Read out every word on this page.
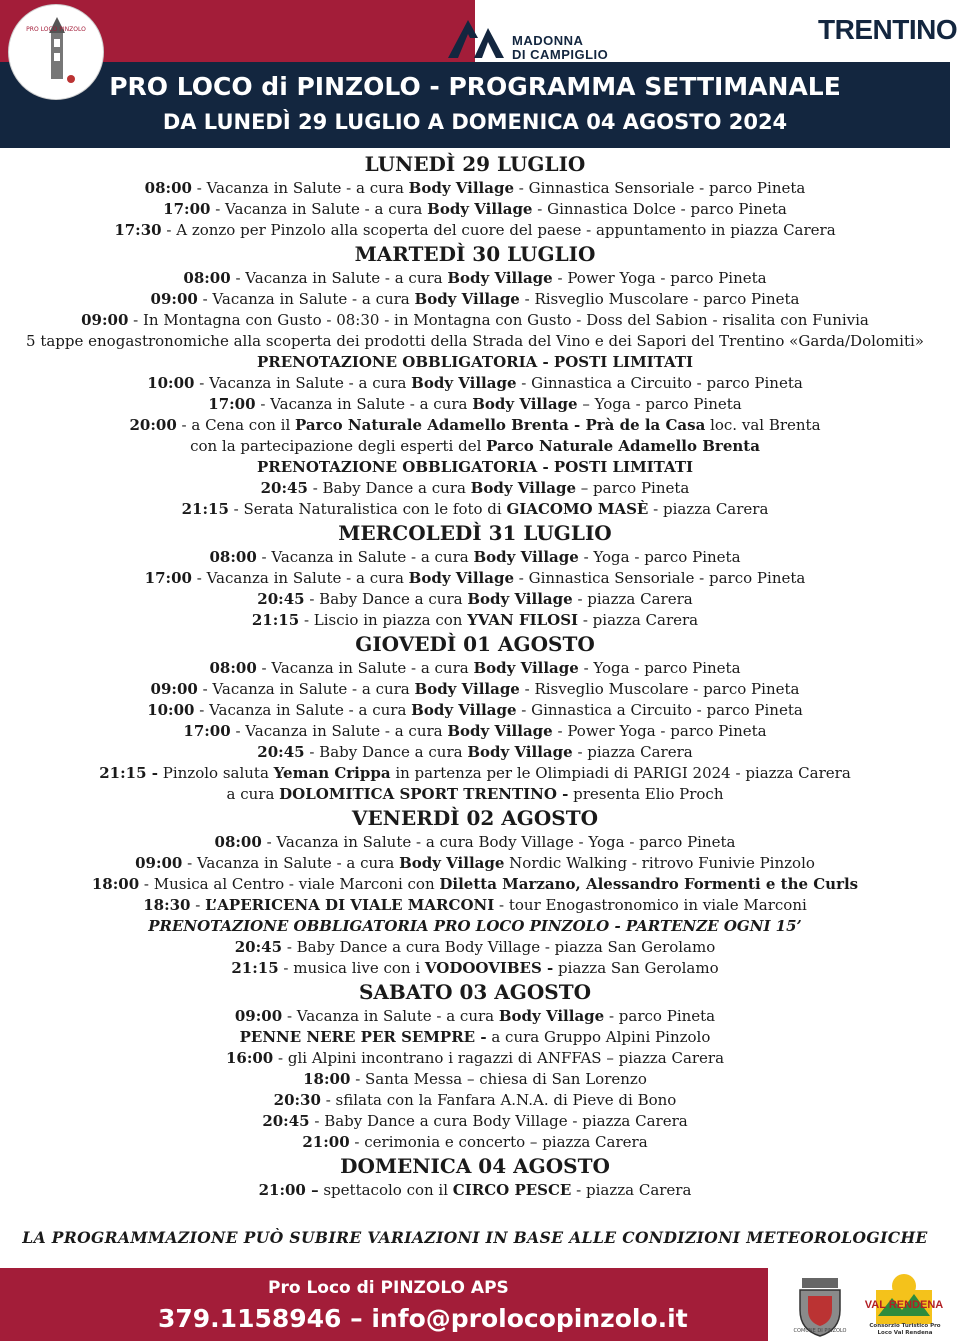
PRO LOCO PINZOLO
MADONNA
DI CAMPIGLIO
TRENTINO
PRO LOCO di PINZOLO - PROGRAMMA SETTIMANALE
DA LUNEDÌ 29 LUGLIO A DOMENICA 04 AGOSTO 2024
LUNEDÌ 29 LUGLIO
08:00 - Vacanza in Salute - a cura Body Village - Ginnastica Sensoriale - parco Pineta
17:00 - Vacanza in Salute - a cura Body Village - Ginnastica Dolce - parco Pineta
17:30 - A zonzo per Pinzolo alla scoperta del cuore del paese - appuntamento in piazza Carera
MARTEDÌ 30 LUGLIO
08:00 - Vacanza in Salute - a cura Body Village - Power Yoga - parco Pineta
09:00 - Vacanza in Salute - a cura Body Village - Risveglio Muscolare - parco Pineta
09:00 - In Montagna con Gusto - 08:30 - in Montagna con Gusto - Doss del Sabion - risalita con Funivia
5 tappe enogastronomiche alla scoperta dei prodotti della Strada del Vino e dei Sapori del Trentino «Garda/Dolomiti»
PRENOTAZIONE OBBLIGATORIA - POSTI LIMITATI
10:00 - Vacanza in Salute - a cura Body Village - Ginnastica a Circuito - parco Pineta
17:00 - Vacanza in Salute - a cura Body Village – Yoga - parco Pineta
20:00 - a Cena con il Parco Naturale Adamello Brenta - Prà de la Casa loc. val Brenta
con la partecipazione degli esperti del Parco Naturale Adamello Brenta
PRENOTAZIONE OBBLIGATORIA - POSTI LIMITATI
20:45 - Baby Dance a cura Body Village – parco Pineta
21:15 - Serata Naturalistica con le foto di GIACOMO MASÈ - piazza Carera
MERCOLEDÌ 31 LUGLIO
08:00 - Vacanza in Salute - a cura Body Village - Yoga - parco Pineta
17:00 - Vacanza in Salute - a cura Body Village - Ginnastica Sensoriale - parco Pineta
20:45 - Baby Dance a cura Body Village - piazza Carera
21:15 - Liscio in piazza con YVAN FILOSI - piazza Carera
GIOVEDÌ 01 AGOSTO
08:00 - Vacanza in Salute - a cura Body Village - Yoga - parco Pineta
09:00 - Vacanza in Salute - a cura Body Village - Risveglio Muscolare - parco Pineta
10:00 - Vacanza in Salute - a cura Body Village - Ginnastica a Circuito - parco Pineta
17:00 - Vacanza in Salute - a cura Body Village - Power Yoga - parco Pineta
20:45 - Baby Dance a cura Body Village - piazza Carera
21:15 - Pinzolo saluta Yeman Crippa in partenza per le Olimpiadi di PARIGI 2024 - piazza Carera
a cura DOLOMITICA SPORT TRENTINO - presenta Elio Proch
VENERDÌ 02 AGOSTO
08:00 - Vacanza in Salute - a cura Body Village - Yoga - parco Pineta
09:00 - Vacanza in Salute - a cura Body Village Nordic Walking - ritrovo Funivie Pinzolo
18:00 - Musica al Centro - viale Marconi con Diletta Marzano, Alessandro Formenti e the Curls
18:30 - L’APERICENA DI VIALE MARCONI - tour Enogastronomico in viale Marconi
PRENOTAZIONE OBBLIGATORIA PRO LOCO PINZOLO - PARTENZE OGNI 15’
20:45 - Baby Dance a cura Body Village - piazza San Gerolamo
21:15 - musica live con i VODOOVIBES - piazza San Gerolamo
SABATO 03 AGOSTO
09:00 - Vacanza in Salute - a cura Body Village - parco Pineta
PENNE NERE PER SEMPRE - a cura Gruppo Alpini Pinzolo
16:00 - gli Alpini incontrano i ragazzi di ANFFAS – piazza Carera
18:00 - Santa Messa – chiesa di San Lorenzo
20:30 - sfilata con la Fanfara A.N.A. di Pieve di Bono
20:45 - Baby Dance a cura Body Village - piazza Carera
21:00 - cerimonia e concerto – piazza Carera
DOMENICA 04 AGOSTO
21:00 – spettacolo con il CIRCO PESCE - piazza Carera
LA PROGRAMMAZIONE PUÒ SUBIRE VARIAZIONI IN BASE ALLE CONDIZIONI METEOROLOGICHE
Pro Loco di PINZOLO APS
379.1158946 – info@prolocopinzolo.it	COMUNE DI PINZOLO
VAL RENDENA
Consorzio Turistico Pro Loco Val Rendena
